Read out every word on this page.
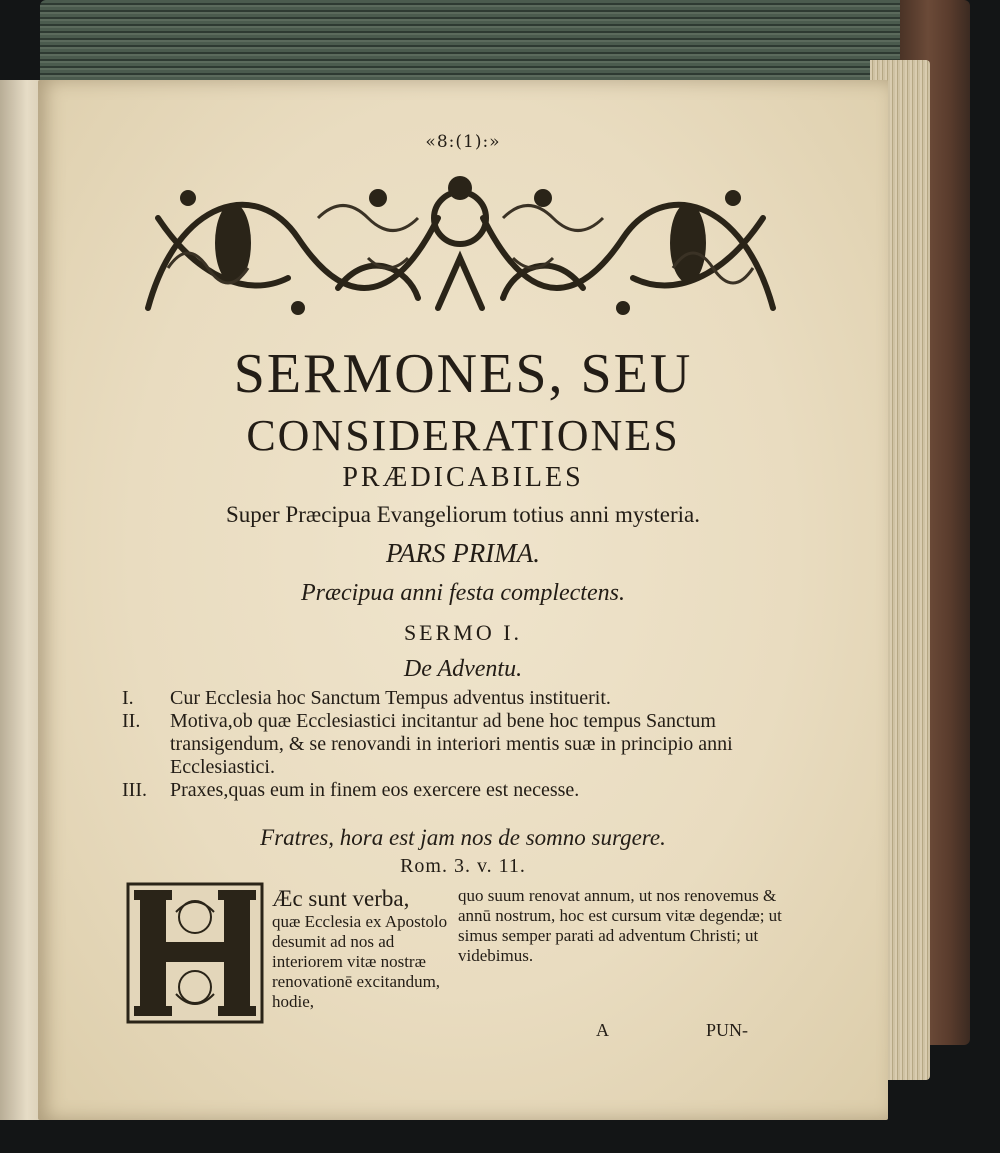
«8:(1):»
SERMONES, SEU
CONSIDERATIONES
PRÆDICABILES
Super Præcipua Evangeliorum totius anni mysteria.
PARS PRIMA.
Præcipua anni festa complectens.
SERMO I.
De Adventu.
I.	Cur Ecclesia hoc Sanctum Tempus adventus instituerit.
II.	Motiva,ob quæ Ecclesiastici incitantur ad bene hoc tempus Sanctum transigendum, & se renovandi in interiori mentis suæ in principio anni Ecclesiastici.
III.	Praxes,quas eum in finem eos exercere est necesse.
Fratres, hora est jam nos de somno surgere.
Rom. 3. v. 11.
Æc sunt verba,
quæ Ecclesia ex Apostolo desumit ad nos ad interiorem vitæ nostræ renovationē excitandum, hodie,
quo suum renovat annum, ut nos renovemus & annū nostrum, hoc est cursum vitæ degendæ; ut simus semper parati ad adventum Christi; ut videbimus.
A	PUN-
